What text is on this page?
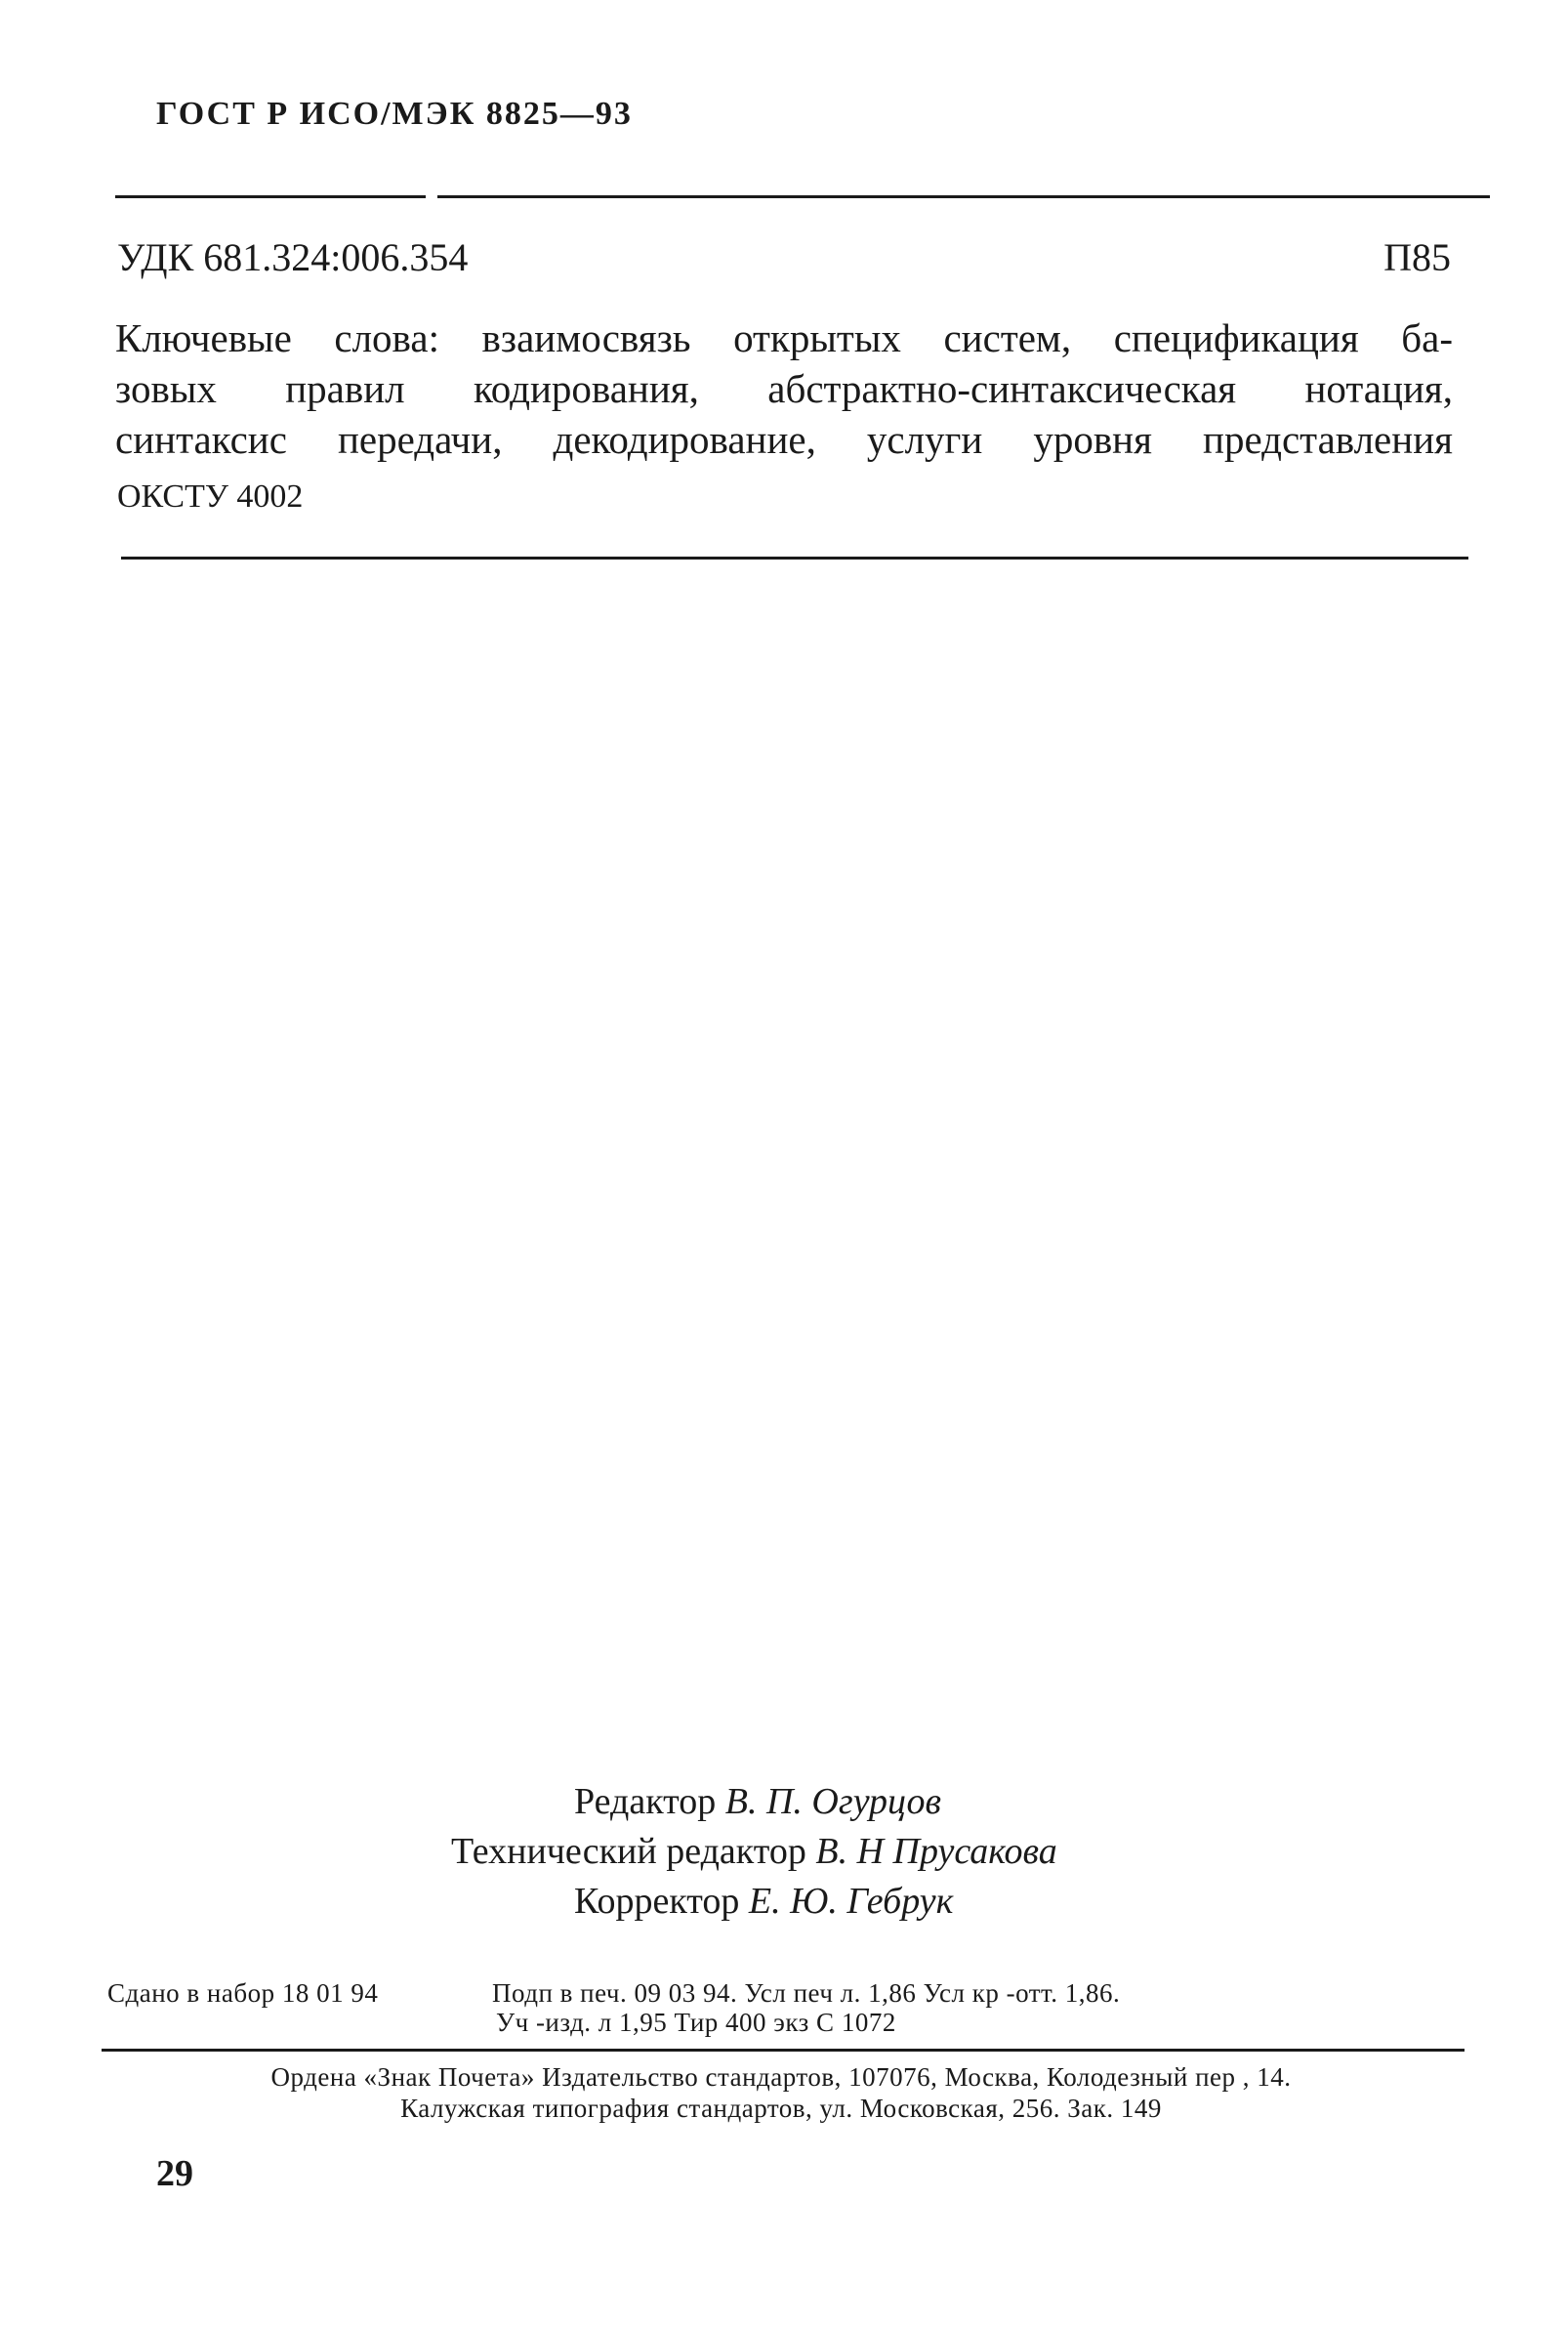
ГОСТ Р ИСО/МЭК 8825—93
УДК 681.324:006.354	П85
Ключевые слова: взаимосвязь открытых систем, спецификация ба-
зовых правил кодирования, абстрактно-синтаксическая нотация,
синтаксис передачи, декодирование, услуги уровня представления
ОКСТУ 4002
Редактор В. П. Огурцов
Технический редактор В. Н Прусакова
Корректор Е. Ю. Гебрук
Сдано в набор 18 01 94	Подп в печ. 09 03 94. Усл печ л. 1,86 Усл кр -отт. 1,86.
Уч -изд. л 1,95 Тир 400 экз С 1072
Ордена «Знак Почета» Издательство стандартов, 107076, Москва, Колодезный пер , 14.
Калужская типография стандартов, ул. Московская, 256. Зак. 149
29
